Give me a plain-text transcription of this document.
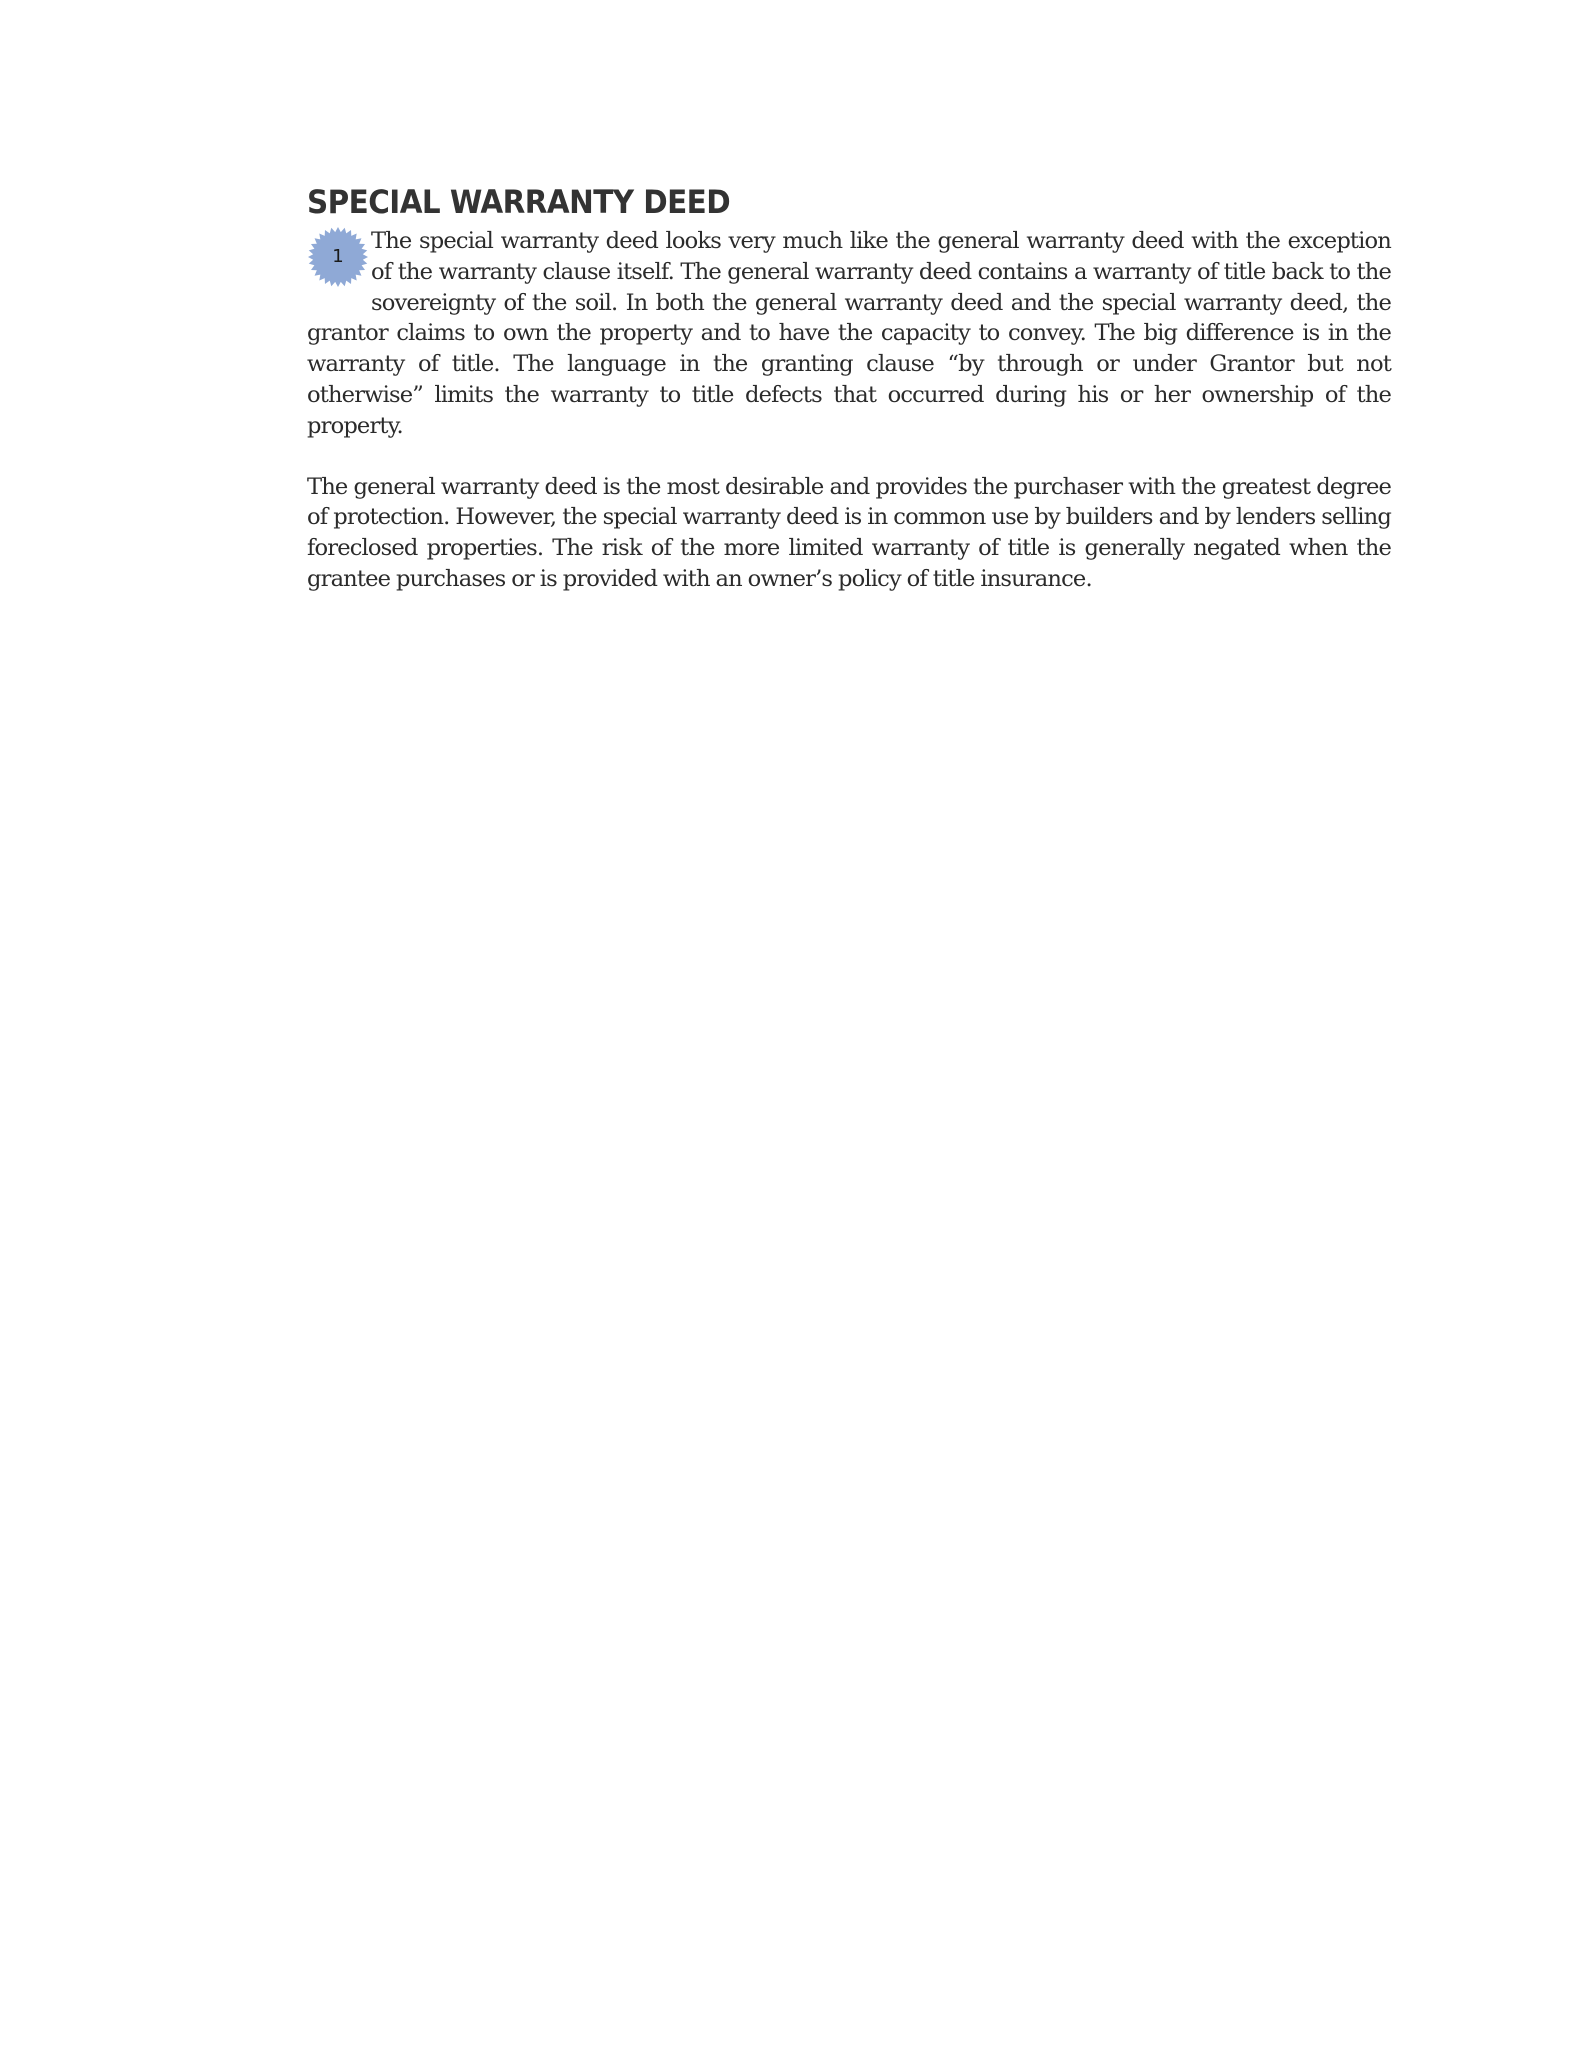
SPECIAL WARRANTY DEED
1

The special warranty deed looks very much like the general warranty deed with the exception of the warranty clause itself. The general warranty deed contains a warranty of title back to the sovereignty of the soil. In both the general warranty deed and the special warranty deed, the grantor claims to own the property and to have the capacity to convey. The big difference is in the warranty of title. The language in the granting clause “by through or under Grantor but not otherwise” limits the warranty to title defects that occurred during his or her ownership of the property.

The general warranty deed is the most desirable and provides the purchaser with the greatest degree of protection. However, the special warranty deed is in common use by builders and by lenders selling foreclosed properties. The risk of the more limited warranty of title is generally negated when the grantee purchases or is provided with an owner’s policy of title insurance.
